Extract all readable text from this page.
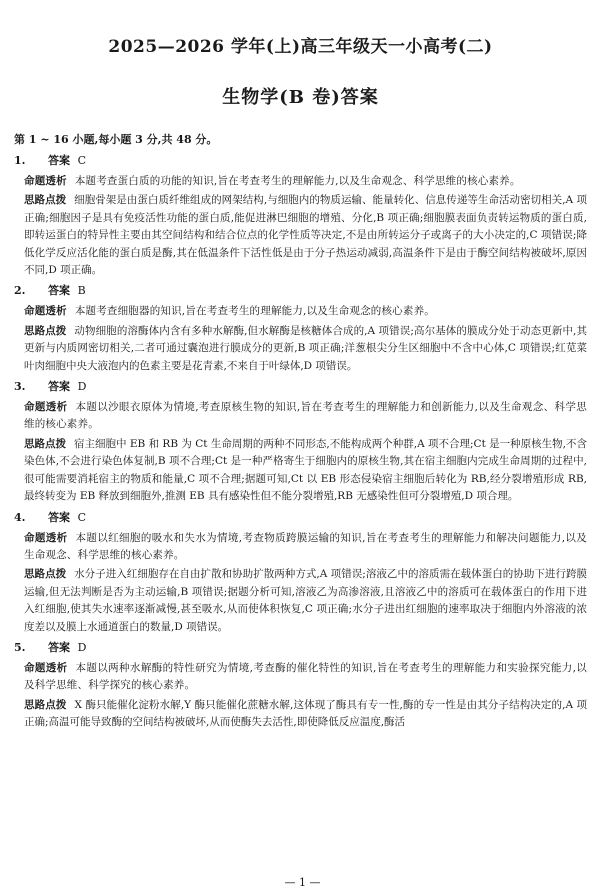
2025—2026 学年(上)高三年级天一小高考(二)
生物学(B 卷)答案
第 1 ~ 16 小题,每小题 3 分,共 48 分。
1. 答案  C

命题透析 本题考查蛋白质的功能的知识,旨在考查考生的理解能力,以及生命观念、科学思维的核心素养。

思路点拨 细胞骨架是由蛋白质纤维组成的网架结构,与细胞内的物质运输、能量转化、信息传递等生命活动密切相关,A 项正确;细胞因子是具有免疫活性功能的蛋白质,能促进淋巴细胞的增殖、分化,B 项正确;细胞膜表面负责转运物质的蛋白质,即转运蛋白的特异性主要由其空间结构和结合位点的化学性质等决定,不是由所转运分子或离子的大小决定的,C 项错误;降低化学反应活化能的蛋白质是酶,其在低温条件下活性低是由于分子热运动减弱,高温条件下是由于酶空间结构被破坏,原因不同,D 项正确。

2. 答案  B

命题透析 本题考查细胞器的知识,旨在考查考生的理解能力,以及生命观念的核心素养。

思路点拨 动物细胞的溶酶体内含有多种水解酶,但水解酶是核糖体合成的,A 项错误;高尔基体的膜成分处于动态更新中,其更新与内质网密切相关,二者可通过囊泡进行膜成分的更新,B 项正确;洋葱根尖分生区细胞中不含中心体,C 项错误;红苋菜叶肉细胞中央大液泡内的色素主要是花青素,不来自于叶绿体,D 项错误。

3. 答案  D

命题透析 本题以沙眼衣原体为情境,考查原核生物的知识,旨在考查考生的理解能力和创新能力,以及生命观念、科学思维的核心素养。

思路点拨 宿主细胞中 EB 和 RB 为 Ct 生命周期的两种不同形态,不能构成两个种群,A 项不合理;Ct 是一种原核生物,不含染色体,不会进行染色体复制,B 项不合理;Ct 是一种严格寄生于细胞内的原核生物,其在宿主细胞内完成生命周期的过程中,很可能需要消耗宿主的物质和能量,C 项不合理;据题可知,Ct 以 EB 形态侵染宿主细胞后转化为 RB,经分裂增殖形成 RB,最终转变为 EB 释放到细胞外,推测 EB 具有感染性但不能分裂增殖,RB 无感染性但可分裂增殖,D 项合理。

4. 答案  C

命题透析 本题以红细胞的吸水和失水为情境,考查物质跨膜运输的知识,旨在考查考生的理解能力和解决问题能力,以及生命观念、科学思维的核心素养。

思路点拨 水分子进入红细胞存在自由扩散和协助扩散两种方式,A 项错误;溶液乙中的溶质需在载体蛋白的协助下进行跨膜运输,但无法判断是否为主动运输,B 项错误;据题分析可知,溶液乙为高渗溶液,且溶液乙中的溶质可在载体蛋白的作用下进入红细胞,使其失水速率逐渐减慢,甚至吸水,从而使体积恢复,C 项正确;水分子进出红细胞的速率取决于细胞内外溶液的浓度差以及膜上水通道蛋白的数量,D 项错误。

5. 答案  D

命题透析 本题以两种水解酶的特性研究为情境,考查酶的催化特性的知识,旨在考查考生的理解能力和实验探究能力,以及科学思维、科学探究的核心素养。

思路点拨 X 酶只能催化淀粉水解,Y 酶只能催化蔗糖水解,这体现了酶具有专一性,酶的专一性是由其分子结构决定的,A 项正确;高温可能导致酶的空间结构被破坏,从而使酶失去活性,即使降低反应温度,酶活

— 1 —
